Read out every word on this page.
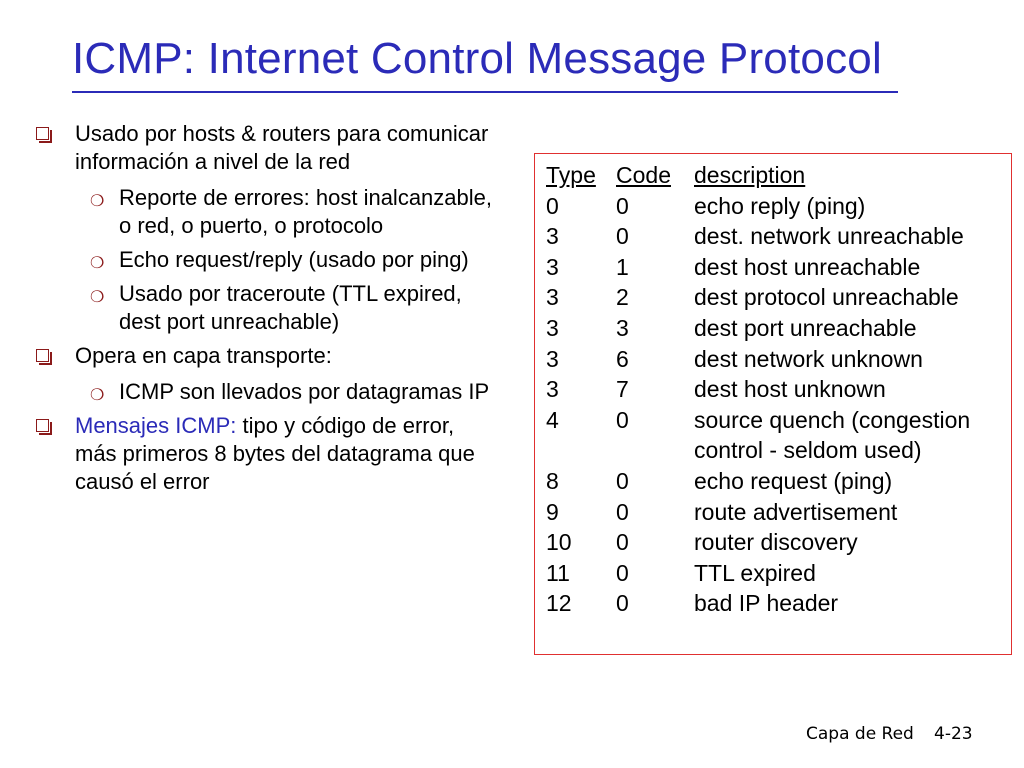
ICMP: Internet Control Message Protocol
Usado por hosts & routers para comunicar información a nivel de la red
❍ Reporte de errores: host inalcanzable, o red, o puerto, o protocolo
❍ Echo request/reply (usado por ping)
❍ Usado por traceroute (TTL expired, dest port unreachable)
Opera en capa transporte:
❍ ICMP son llevados por datagramas IP
Mensajes ICMP: tipo y código de error, más primeros 8 bytes del datagrama que causó el error
Type Code description
0 0	echo reply (ping)
3 0	dest. network unreachable
3 1	dest host unreachable
3 2	dest protocol unreachable
3 3	dest port unreachable
3 6	dest network unknown
3 7	dest host unknown
4 0	source quench (congestion
control - seldom used)
8 0	echo request (ping)
9 0	route advertisement
10 0	router discovery
11 0	TTL expired
12 0	bad IP header
Capa de Red 4-23
